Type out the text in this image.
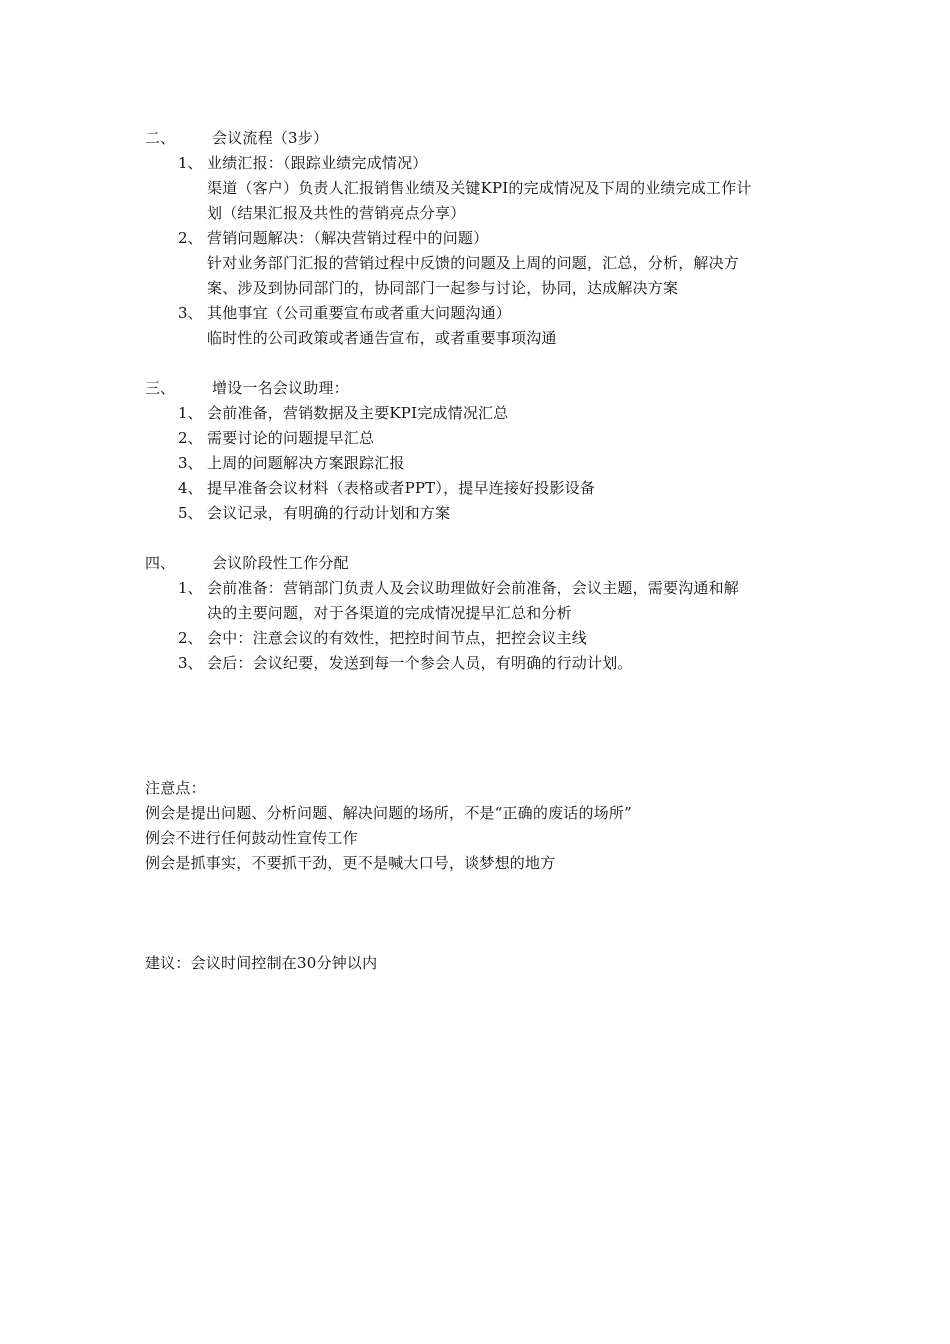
二、 会议流程（3步）
1、 业绩汇报：（跟踪业绩完成情况）
渠道（客户）负责人汇报销售业绩及关键KPI的完成情况及下周的业绩完成工作计
划（结果汇报及共性的营销亮点分享）
2、 营销问题解决：（解决营销过程中的问题）
针对业务部门汇报的营销过程中反馈的问题及上周的问题，汇总，分析，解决方
案、涉及到协同部门的，协同部门一起参与讨论，协同，达成解决方案
3、 其他事宜（公司重要宣布或者重大问题沟通）
临时性的公司政策或者通告宣布，或者重要事项沟通
三、 增设一名会议助理：
1、 会前准备，营销数据及主要KPI完成情况汇总
2、 需要讨论的问题提早汇总
3、 上周的问题解决方案跟踪汇报
4、 提早准备会议材料（表格或者PPT），提早连接好投影设备
5、 会议记录，有明确的行动计划和方案
四、 会议阶段性工作分配
1、 会前准备：营销部门负责人及会议助理做好会前准备，会议主题，需要沟通和解
决的主要问题，对于各渠道的完成情况提早汇总和分析
2、 会中：注意会议的有效性，把控时间节点，把控会议主线
3、 会后：会议纪要，发送到每一个参会人员，有明确的行动计划。
注意点：
例会是提出问题、分析问题、解决问题的场所，不是“正确的废话的场所”
例会不进行任何鼓动性宣传工作
例会是抓事实，不要抓干劲，更不是喊大口号，谈梦想的地方
建议：会议时间控制在30分钟以内
